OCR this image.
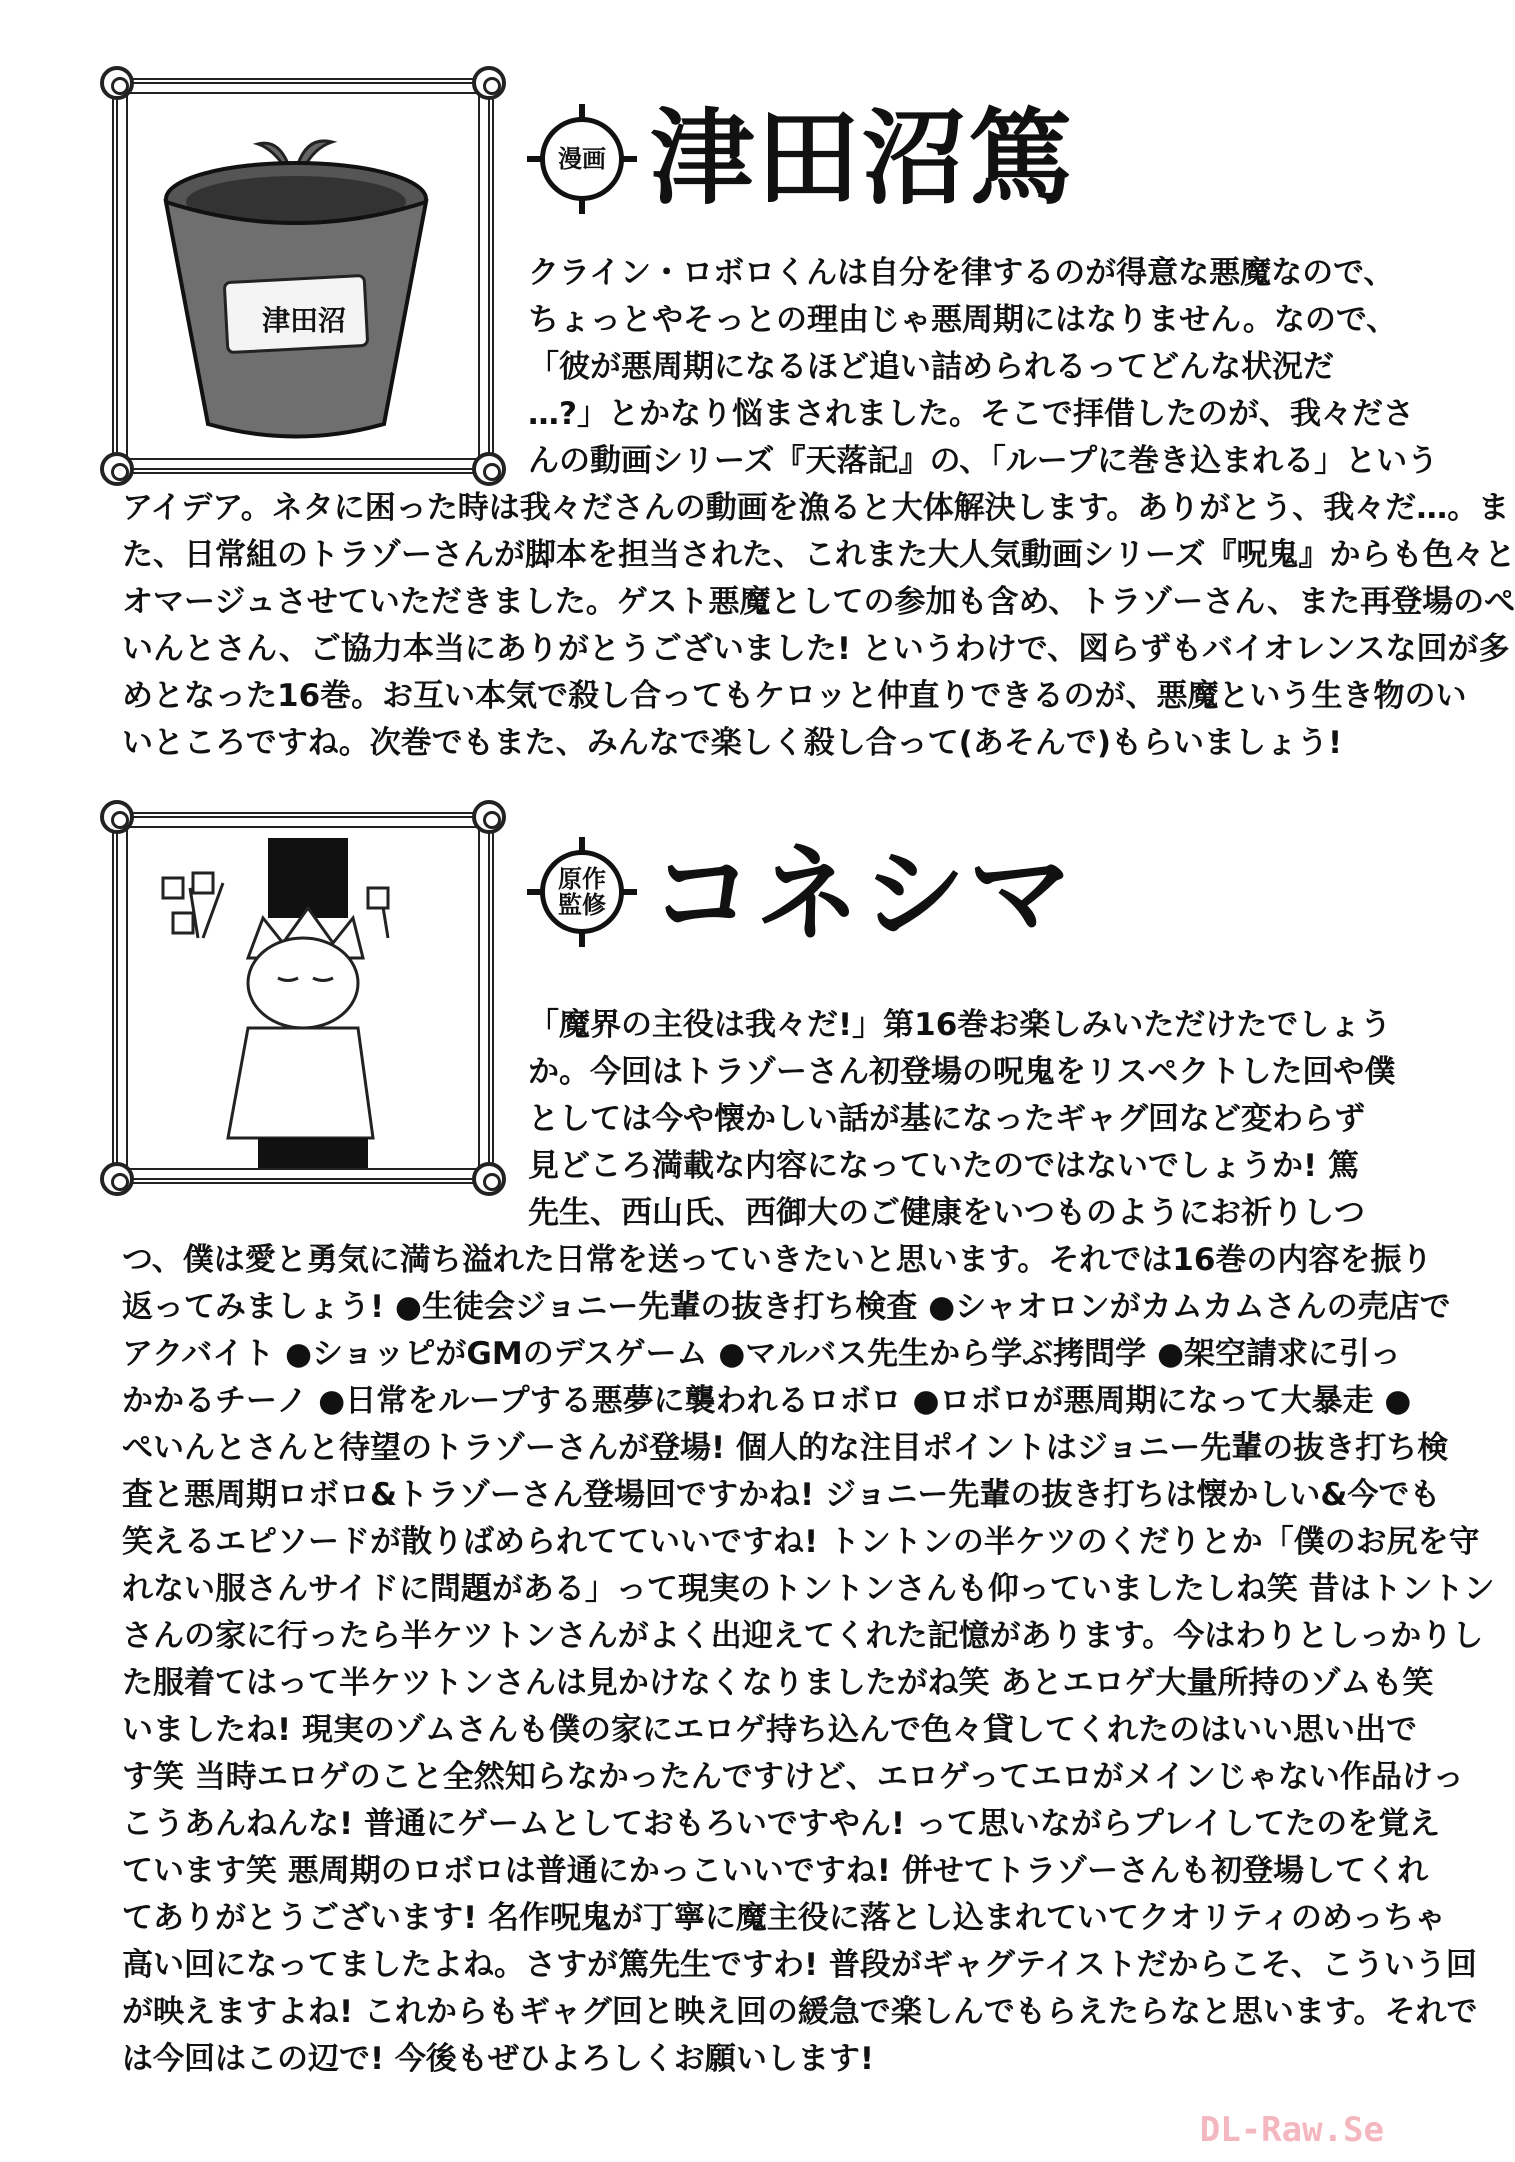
津田沼
漫画 津田沼篤
クライン・ロボロくんは自分を律するのが得意な悪魔なので、
ちょっとやそっとの理由じゃ悪周期にはなりません。なので、
「彼が悪周期になるほど追い詰められるってどんな状況だ
…?」とかなり悩まされました。そこで拝借したのが、我々ださ
んの動画シリーズ『天落記』の、「ループに巻き込まれる」という
アイデア。ネタに困った時は我々ださんの動画を漁ると大体解決します。ありがとう、我々だ…。ま
た、日常組のトラゾーさんが脚本を担当された、これまた大人気動画シリーズ『呪鬼』からも色々と
オマージュさせていただきました。ゲスト悪魔としての参加も含め、トラゾーさん、また再登場のぺ
いんとさん、ご協力本当にありがとうございました! というわけで、図らずもバイオレンスな回が多
めとなった16巻。お互い本気で殺し合ってもケロッと仲直りできるのが、悪魔という生き物のい
いところですね。次巻でもまた、みんなで楽しく殺し合って(あそんで)もらいましょう!
原作
監修 コネシマ
「魔界の主役は我々だ!」第16巻お楽しみいただけたでしょう
か。今回はトラゾーさん初登場の呪鬼をリスペクトした回や僕
としては今や懐かしい話が基になったギャグ回など変わらず
見どころ満載な内容になっていたのではないでしょうか! 篤
先生、西山氏、西御大のご健康をいつものようにお祈りしつ
つ、僕は愛と勇気に満ち溢れた日常を送っていきたいと思います。それでは16巻の内容を振り
返ってみましょう! ●生徒会ジョニー先輩の抜き打ち検査 ●シャオロンがカムカムさんの売店で
アクバイト ●ショッピがGMのデスゲーム ●マルバス先生から学ぶ拷問学 ●架空請求に引っ
かかるチーノ ●日常をループする悪夢に襲われるロボロ ●ロボロが悪周期になって大暴走 ●
ぺいんとさんと待望のトラゾーさんが登場! 個人的な注目ポイントはジョニー先輩の抜き打ち検
査と悪周期ロボロ&トラゾーさん登場回ですかね! ジョニー先輩の抜き打ちは懐かしい&今でも
笑えるエピソードが散りばめられてていいですね! トントンの半ケツのくだりとか「僕のお尻を守
れない服さんサイドに問題がある」って現実のトントンさんも仰っていましたしね笑 昔はトントン
さんの家に行ったら半ケツトンさんがよく出迎えてくれた記憶があります。今はわりとしっかりし
た服着てはって半ケツトンさんは見かけなくなりましたがね笑 あとエロゲ大量所持のゾムも笑
いましたね! 現実のゾムさんも僕の家にエロゲ持ち込んで色々貸してくれたのはいい思い出で
す笑 当時エロゲのこと全然知らなかったんですけど、エロゲってエロがメインじゃない作品けっ
こうあんねんな! 普通にゲームとしておもろいですやん! って思いながらプレイしてたのを覚え
ています笑 悪周期のロボロは普通にかっこいいですね! 併せてトラゾーさんも初登場してくれ
てありがとうございます! 名作呪鬼が丁寧に魔主役に落とし込まれていてクオリティのめっちゃ
高い回になってましたよね。さすが篤先生ですわ! 普段がギャグテイストだからこそ、こういう回
が映えますよね! これからもギャグ回と映え回の緩急で楽しんでもらえたらなと思います。それで
は今回はこの辺で! 今後もぜひよろしくお願いします!
DL-Raw.Se
